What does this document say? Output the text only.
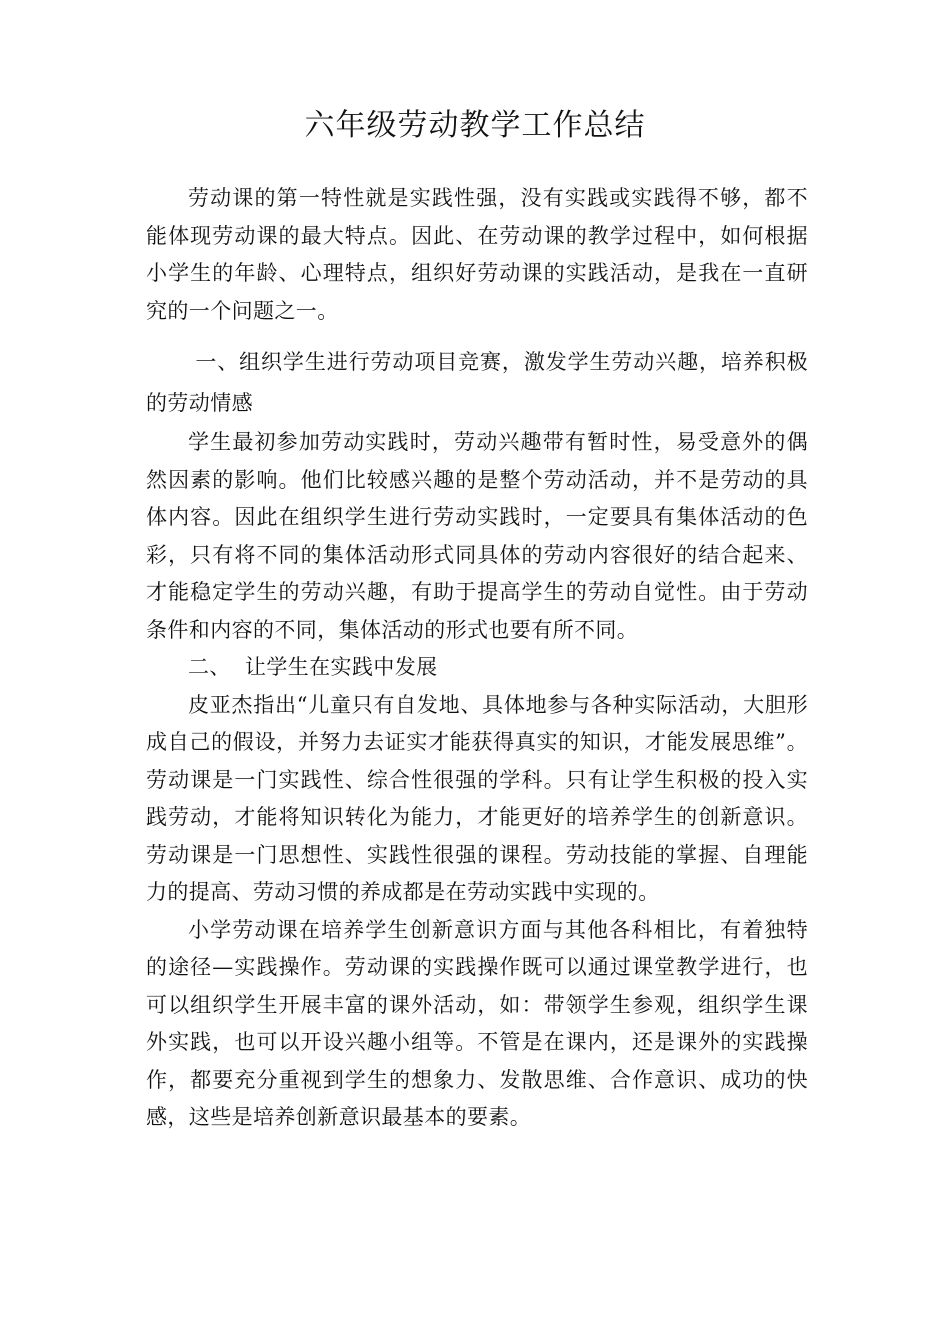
六年级劳动教学工作总结

劳动课的第一特性就是实践性强，没有实践或实践得不够，都不能体现劳动课的最大特点。因此、在劳动课的教学过程中，如何根据小学生的年龄、心理特点，组织好劳动课的实践活动，是我在一直研究的一个问题之一。

一、组织学生进行劳动项目竞赛，激发学生劳动兴趣，培养积极的劳动情感

学生最初参加劳动实践时，劳动兴趣带有暂时性，易受意外的偶然因素的影响。他们比较感兴趣的是整个劳动活动，并不是劳动的具体内容。因此在组织学生进行劳动实践时，一定要具有集体活动的色彩，只有将不同的集体活动形式同具体的劳动内容很好的结合起来、才能稳定学生的劳动兴趣，有助于提高学生的劳动自觉性。由于劳动条件和内容的不同，集体活动的形式也要有所不同。

二、  让学生在实践中发展

皮亚杰指出“儿童只有自发地、具体地参与各种实际活动，大胆形成自己的假设，并努力去证实才能获得真实的知识，才能发展思维”。劳动课是一门实践性、综合性很强的学科。只有让学生积极的投入实践劳动，才能将知识转化为能力，才能更好的培养学生的创新意识。劳动课是一门思想性、实践性很强的课程。劳动技能的掌握、自理能力的提高、劳动习惯的养成都是在劳动实践中实现的。

小学劳动课在培养学生创新意识方面与其他各科相比，有着独特的途径—实践操作。劳动课的实践操作既可以通过课堂教学进行，也可以组织学生开展丰富的课外活动，如：带领学生参观，组织学生课外实践，也可以开设兴趣小组等。不管是在课内，还是课外的实践操作，都要充分重视到学生的想象力、发散思维、合作意识、成功的快感，这些是培养创新意识最基本的要素。
